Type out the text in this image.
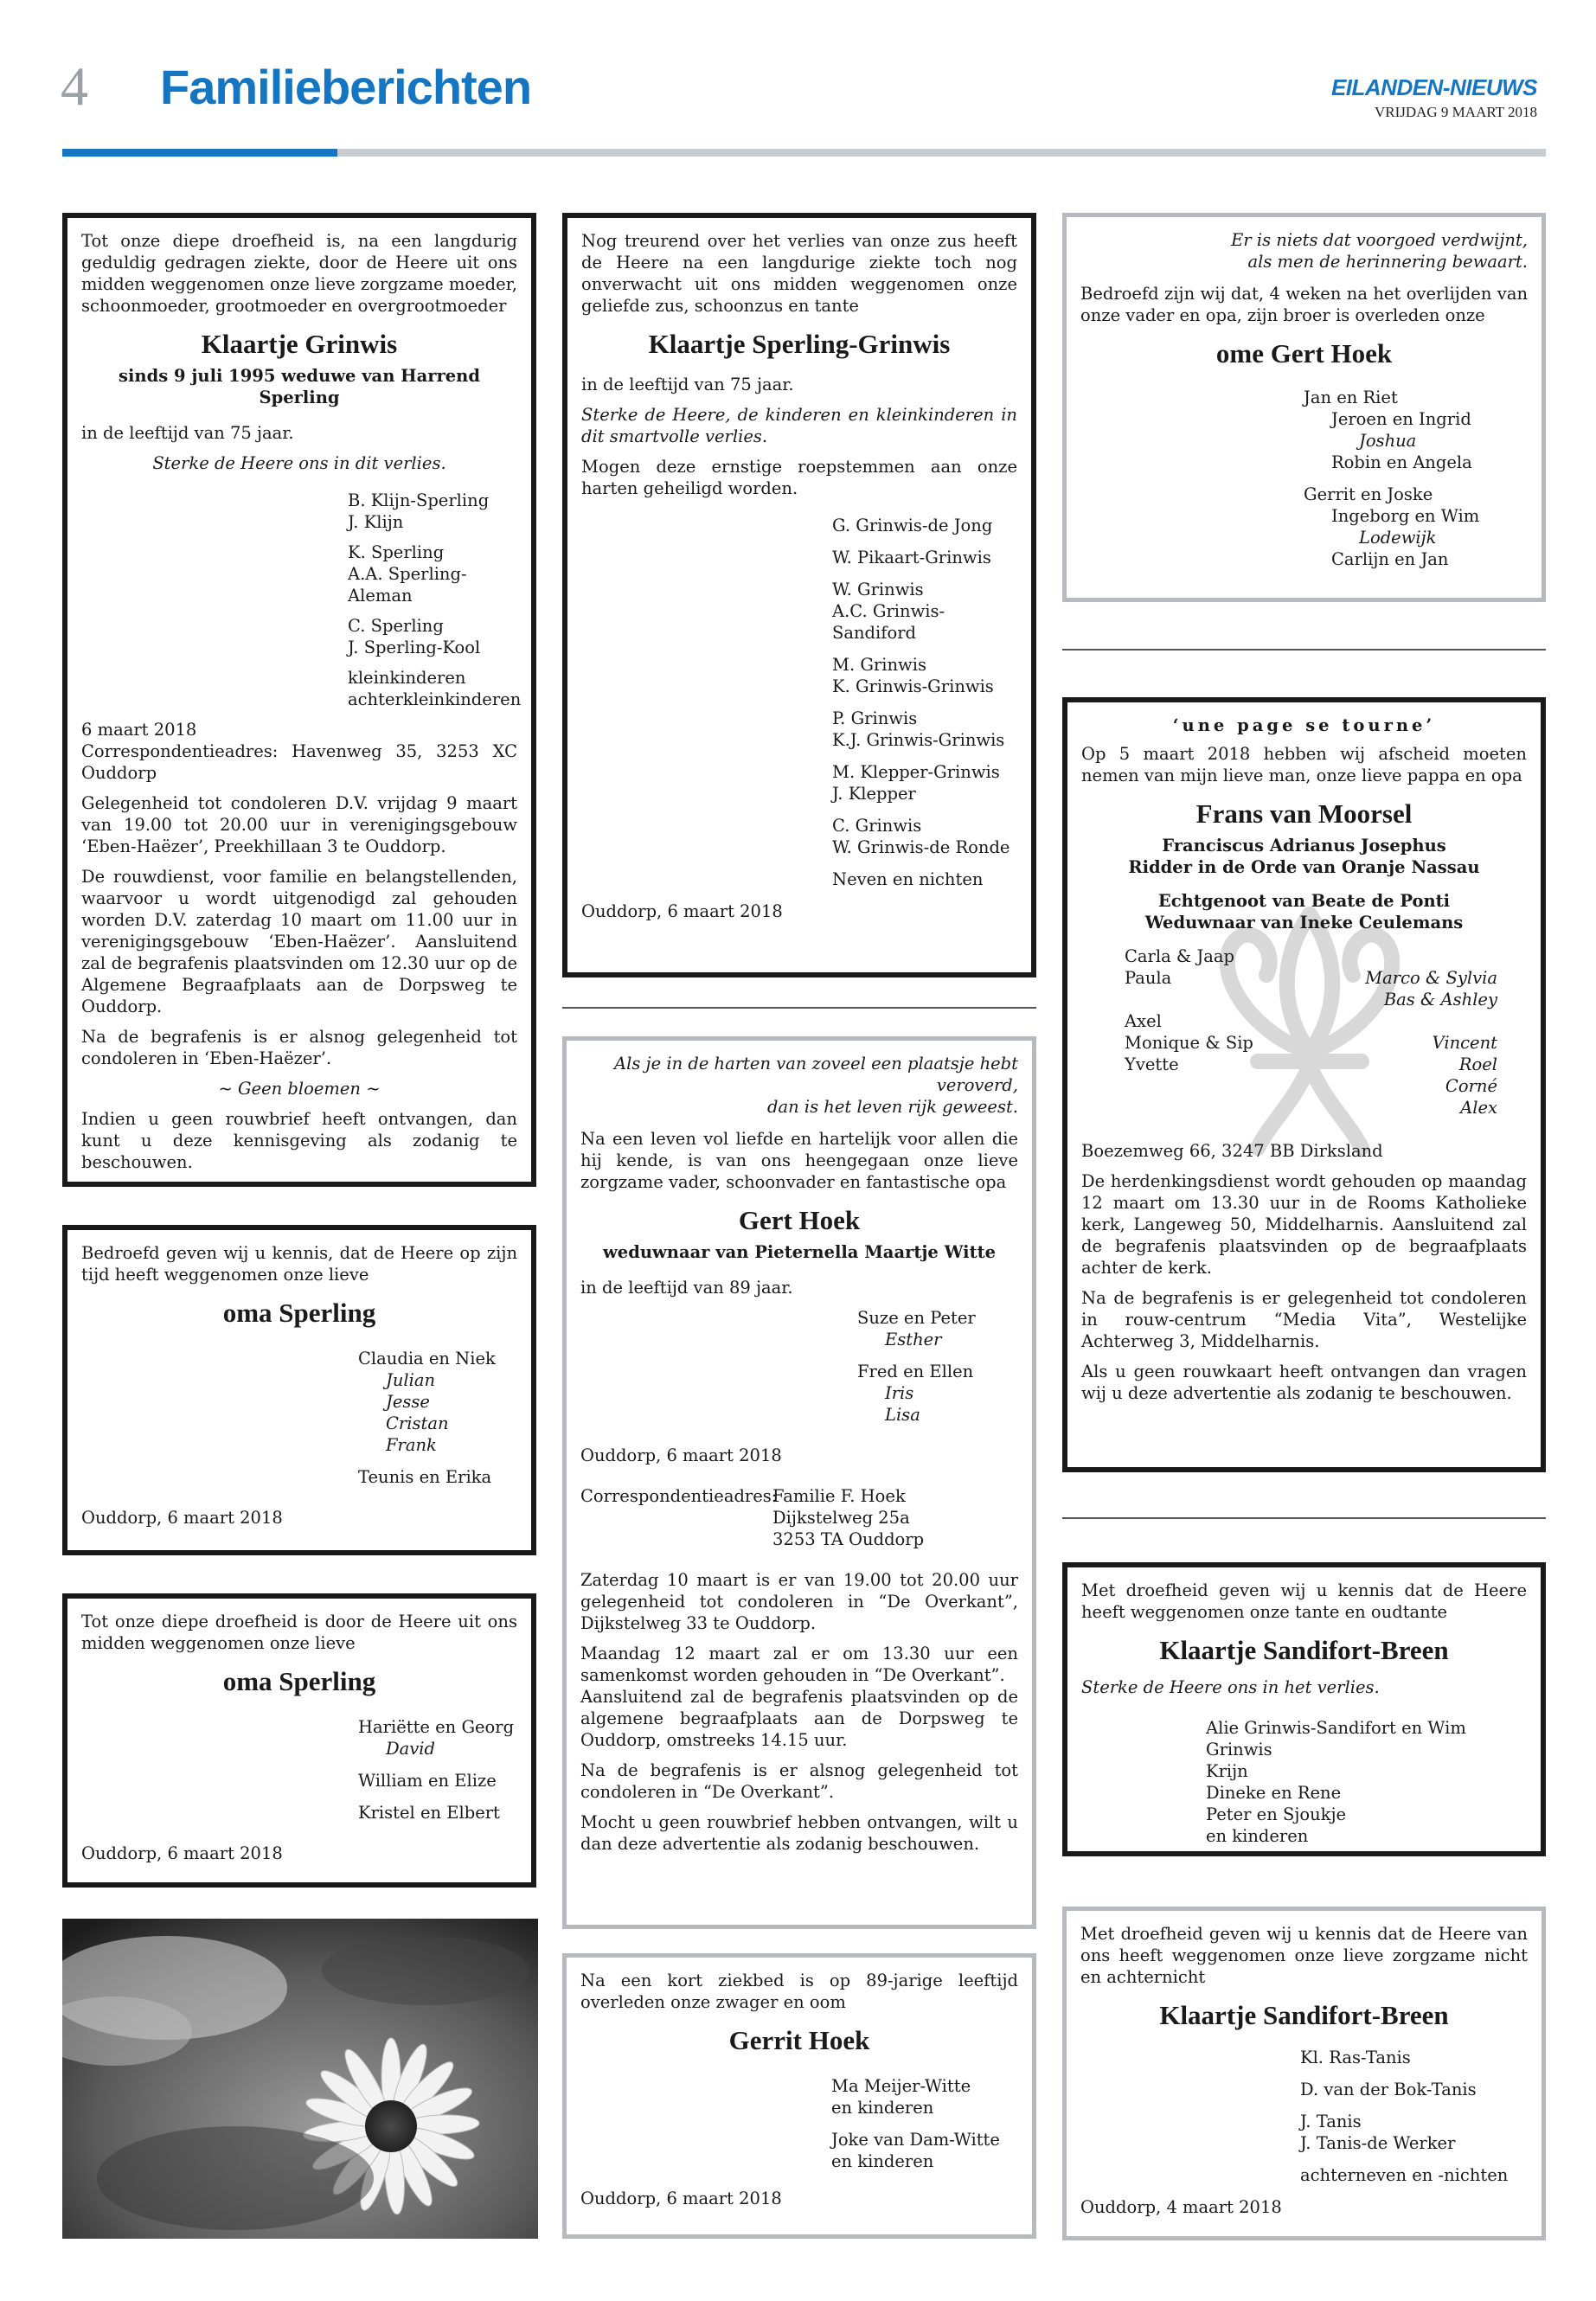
4 Familieberichten	EILANDEN-NIEUWS
VRIJDAG 9 MAART 2018

Tot onze diepe droefheid is, na een langdurig geduldig gedragen ziekte, door de Heere uit ons midden weggenomen onze lieve zorgzame moeder, schoonmoeder, grootmoeder en overgrootmoeder

Klaartje Grinwis
sinds 9 juli 1995 weduwe van Harrend Sperling

in de leeftijd van 75 jaar.

Sterke de Heere ons in dit verlies.

B. Klijn-Sperling
J. Klijn
K. Sperling
A.A. Sperling-Aleman
C. Sperling
J. Sperling-Kool
kleinkinderen
achterkleinkinderen
6 maart 2018

Correspondentieadres: Havenweg 35, 3253 XC Ouddorp

Gelegenheid tot condoleren D.V. vrijdag 9 maart van 19.00 tot 20.00 uur in verenigingsgebouw ‘Eben-Haëzer’, Preekhillaan 3 te Ouddorp.

De rouwdienst, voor familie en belangstellenden, waarvoor u wordt uitgenodigd zal gehouden worden D.V. zaterdag 10 maart om 11.00 uur in verenigingsgebouw ‘Eben-Haëzer’. Aansluitend zal de begrafenis plaatsvinden om 12.30 uur op de Algemene Begraafplaats aan de Dorpsweg te Ouddorp.

Na de begrafenis is er alsnog gelegenheid tot condoleren in ‘Eben-Haëzer’.

~ Geen bloemen ~

Indien u geen rouwbrief heeft ontvangen, dan kunt u deze kennisgeving als zodanig te beschouwen.

Bedroefd geven wij u kennis, dat de Heere op zijn tijd heeft weggenomen onze lieve

oma Sperling
Claudia en Niek
Julian
Jesse
Cristan
Frank
Teunis en Erika
Ouddorp, 6 maart 2018

Tot onze diepe droefheid is door de Heere uit ons midden weggenomen onze lieve

oma Sperling
Hariëtte en Georg
David
William en Elize
Kristel en Elbert
Ouddorp, 6 maart 2018

Nog treurend over het verlies van onze zus heeft de Heere na een langdurige ziekte toch nog onverwacht uit ons midden weggenomen onze geliefde zus, schoonzus en tante

Klaartje Sperling-Grinwis

in de leeftijd van 75 jaar.

Sterke de Heere, de kinderen en kleinkinderen in dit smartvolle verlies.

Mogen deze ernstige roepstemmen aan onze harten geheiligd worden.

G. Grinwis-de Jong
W. Pikaart-Grinwis
W. Grinwis
A.C. Grinwis-Sandiford
M. Grinwis
K. Grinwis-Grinwis
P. Grinwis
K.J. Grinwis-Grinwis
M. Klepper-Grinwis
J. Klepper
C. Grinwis
W. Grinwis-de Ronde
Neven en nichten
Ouddorp, 6 maart 2018
Als je in de harten van zoveel een plaatsje hebt veroverd,
dan is het leven rijk geweest.

Na een leven vol liefde en hartelijk voor allen die hij kende, is van ons heengegaan onze lieve zorgzame vader, schoonvader en fantastische opa

Gert Hoek
weduwnaar van Pieternella Maartje Witte

in de leeftijd van 89 jaar.

Suze en Peter
Esther
Fred en Ellen
Iris
Lisa
Ouddorp, 6 maart 2018
Correspondentieadres:
Familie F. Hoek
Dijkstelweg 25a
3253 TA Ouddorp

Zaterdag 10 maart is er van 19.00 tot 20.00 uur gelegenheid tot condoleren in “De Overkant”, Dijkstelweg 33 te Ouddorp.

Maandag 12 maart zal er om 13.30 uur een samenkomst worden gehouden in “De Overkant”.

Aansluitend zal de begrafenis plaatsvinden op de algemene begraafplaats aan de Dorpsweg te Ouddorp, omstreeks 14.15 uur.

Na de begrafenis is er alsnog gelegenheid tot condoleren in “De Overkant”.

Mocht u geen rouwbrief hebben ontvangen, wilt u dan deze advertentie als zodanig beschouwen.

Na een kort ziekbed is op 89-jarige leeftijd overleden onze zwager en oom

Gerrit Hoek
Ma Meijer-Witte
en kinderen
Joke van Dam-Witte
en kinderen
Ouddorp, 6 maart 2018
Er is niets dat voorgoed verdwijnt,
als men de herinnering bewaart.

Bedroefd zijn wij dat, 4 weken na het overlijden van onze vader en opa, zijn broer is overleden onze

ome Gert Hoek
Jan en Riet
Jeroen en Ingrid
Joshua
Robin en Angela
Gerrit en Joske
Ingeborg en Wim
Lodewijk
Carlijn en Jan
‘une page se tourne’

Op 5 maart 2018 hebben wij afscheid moeten nemen van mijn lieve man, onze lieve pappa en opa

Frans van Moorsel
Franciscus Adrianus Josephus
Ridder in de Orde van Oranje Nassau
Echtgenoot van Beate de Ponti
Weduwnaar van Ineke Ceulemans
Carla & Jaap
Paula
Axel
Monique & Sip
Yvette
Marco & Sylvia
Bas & Ashley
Vincent
Roel
Corné
Alex

Boezemweg 66, 3247 BB Dirksland

De herdenkingsdienst wordt gehouden op maandag 12 maart om 13.30 uur in de Rooms Katholieke kerk, Langeweg 50, Middelharnis. Aansluitend zal de begrafenis plaatsvinden op de begraafplaats achter de kerk.

Na de begrafenis is er gelegenheid tot condoleren in rouw-centrum “Media Vita”, Westelijke Achterweg 3, Middelharnis.

Als u geen rouwkaart heeft ontvangen dan vragen wij u deze advertentie als zodanig te beschouwen.

Met droefheid geven wij u kennis dat de Heere heeft weggenomen onze tante en oudtante

Klaartje Sandifort-Breen

Sterke de Heere ons in het verlies.

Alie Grinwis-Sandifort en Wim Grinwis
Krijn
Dineke en Rene
Peter en Sjoukje
en kinderen

Met droefheid geven wij u kennis dat de Heere van ons heeft weggenomen onze lieve zorgzame nicht en achternicht

Klaartje Sandifort-Breen
Kl. Ras-Tanis
D. van der Bok-Tanis
J. Tanis
J. Tanis-de Werker
achterneven en -nichten
Ouddorp, 4 maart 2018
